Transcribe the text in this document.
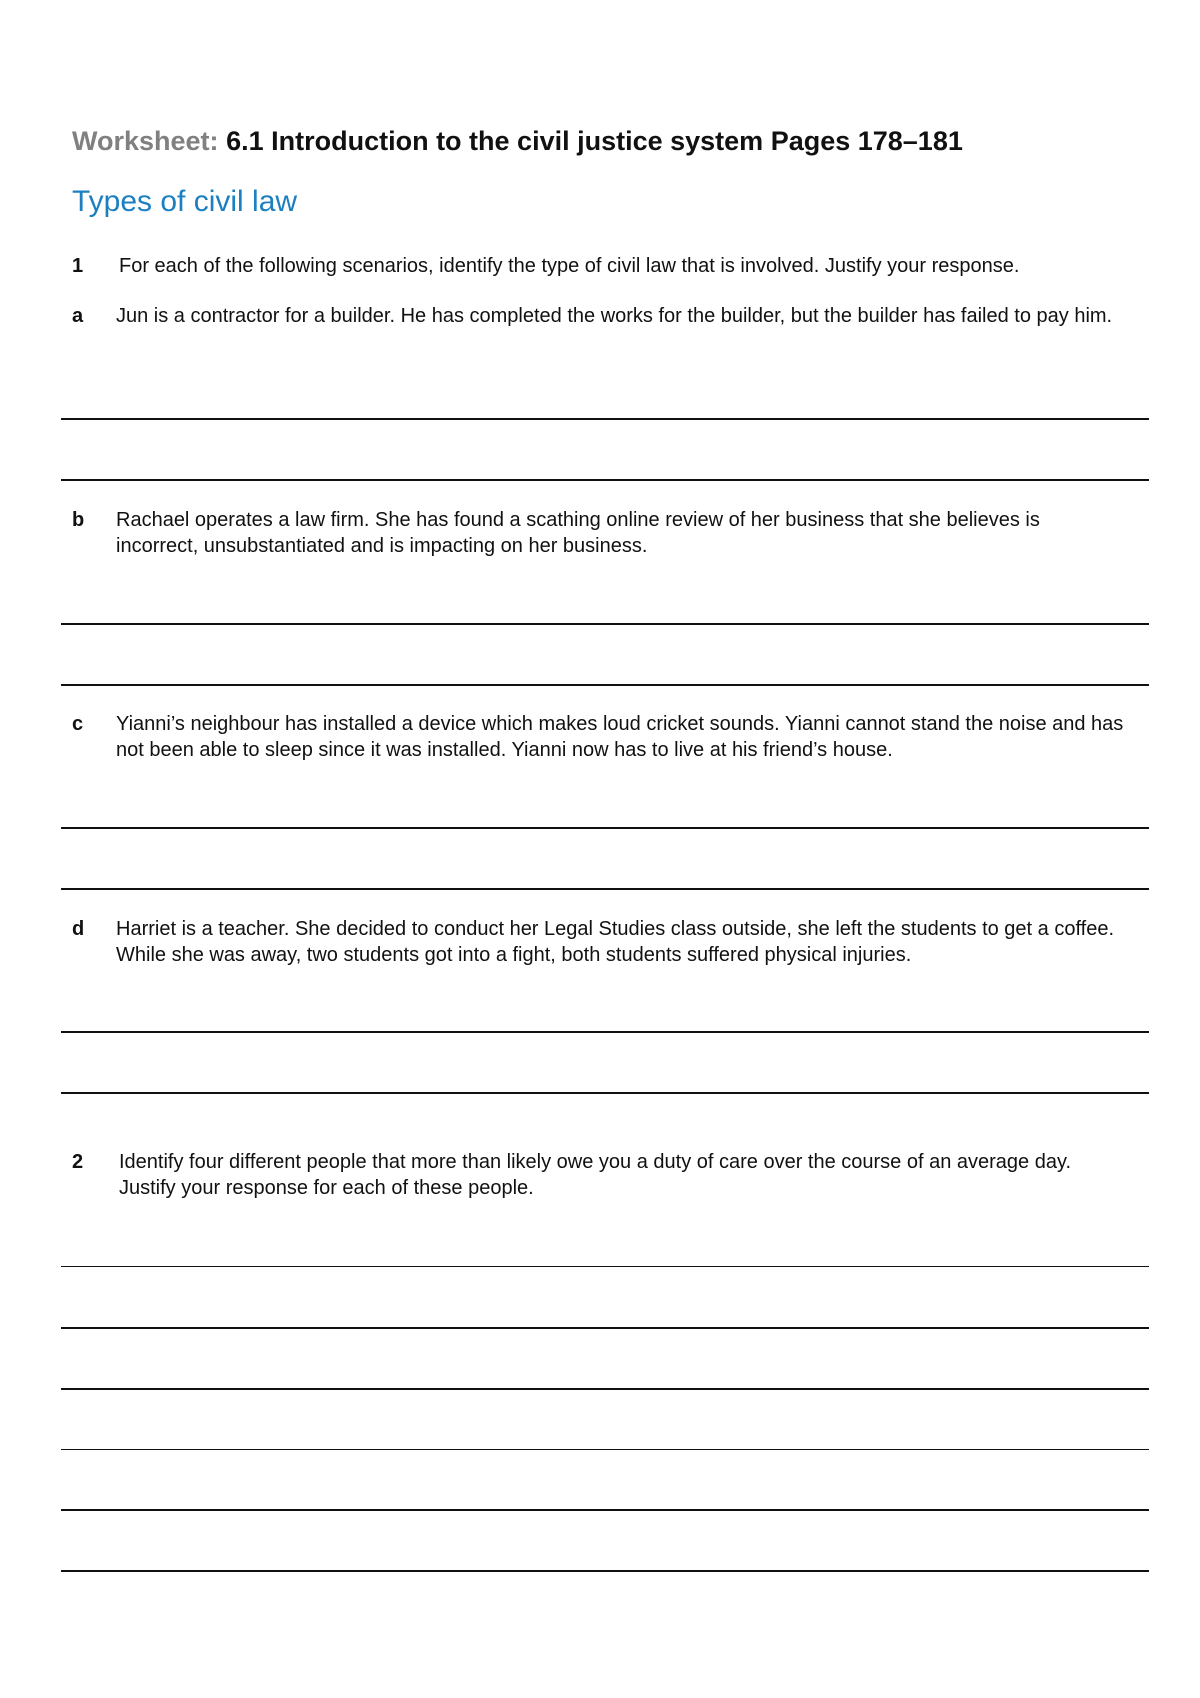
Worksheet: 6.1 Introduction to the civil justice system Pages 178–181
Types of civil law
1 For each of the following scenarios, identify the type of civil law that is involved. Justify your response.
a Jun is a contractor for a builder. He has completed the works for the builder, but the builder has failed to pay him.
b Rachael operates a law firm. She has found a scathing online review of her business that she believes is incorrect, unsubstantiated and is impacting on her business.
c Yianni’s neighbour has installed a device which makes loud cricket sounds. Yianni cannot stand the noise and has not been able to sleep since it was installed. Yianni now has to live at his friend’s house.
d Harriet is a teacher. She decided to conduct her Legal Studies class outside, she left the students to get a coffee. While she was away, two students got into a fight, both students suffered physical injuries.
2 Identify four different people that more than likely owe you a duty of care over the course of an average day. Justify your response for each of these people.
